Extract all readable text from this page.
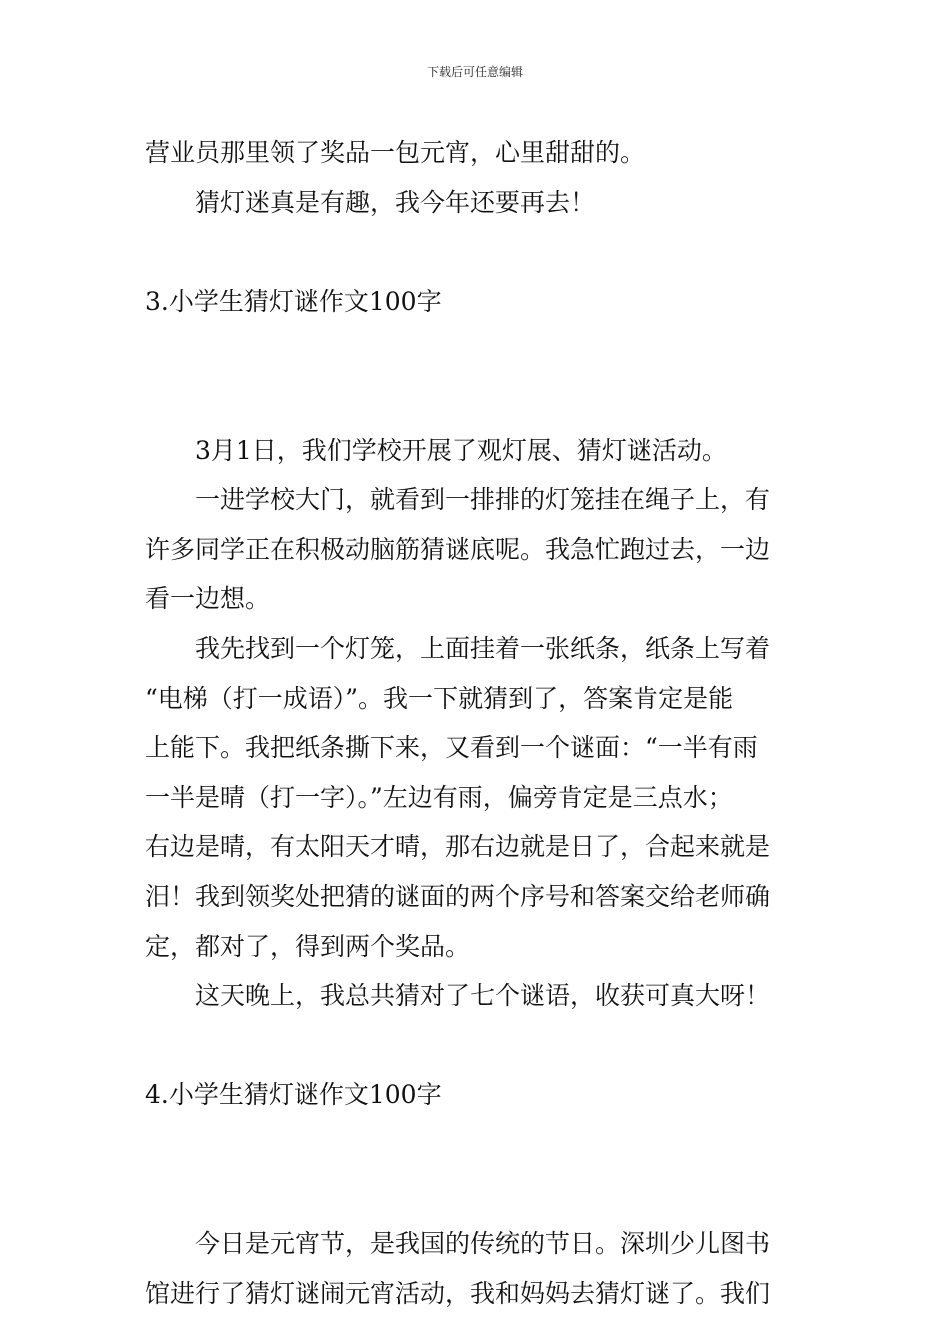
下载后可任意编辑
营业员那里领了奖品一包元宵，心里甜甜的。
猜灯迷真是有趣，我今年还要再去！
3.小学生猜灯谜作文100字
3月1日，我们学校开展了观灯展、猜灯谜活动。
一进学校大门，就看到一排排的灯笼挂在绳子上，有
许多同学正在积极动脑筋猜谜底呢。我急忙跑过去，一边
看一边想。
我先找到一个灯笼，上面挂着一张纸条，纸条上写着
“电梯（打一成语）”。我一下就猜到了，答案肯定是能
上能下。我把纸条撕下来，又看到一个谜面：“一半有雨
一半是晴（打一字）。”左边有雨，偏旁肯定是三点水；
右边是晴，有太阳天才晴，那右边就是日了，合起来就是
汨！我到领奖处把猜的谜面的两个序号和答案交给老师确
定，都对了，得到两个奖品。
这天晚上，我总共猜对了七个谜语，收获可真大呀！
4.小学生猜灯谜作文100字
今日是元宵节，是我国的传统的节日。深圳少儿图书
馆进行了猜灯谜闹元宵活动，我和妈妈去猜灯谜了。我们
